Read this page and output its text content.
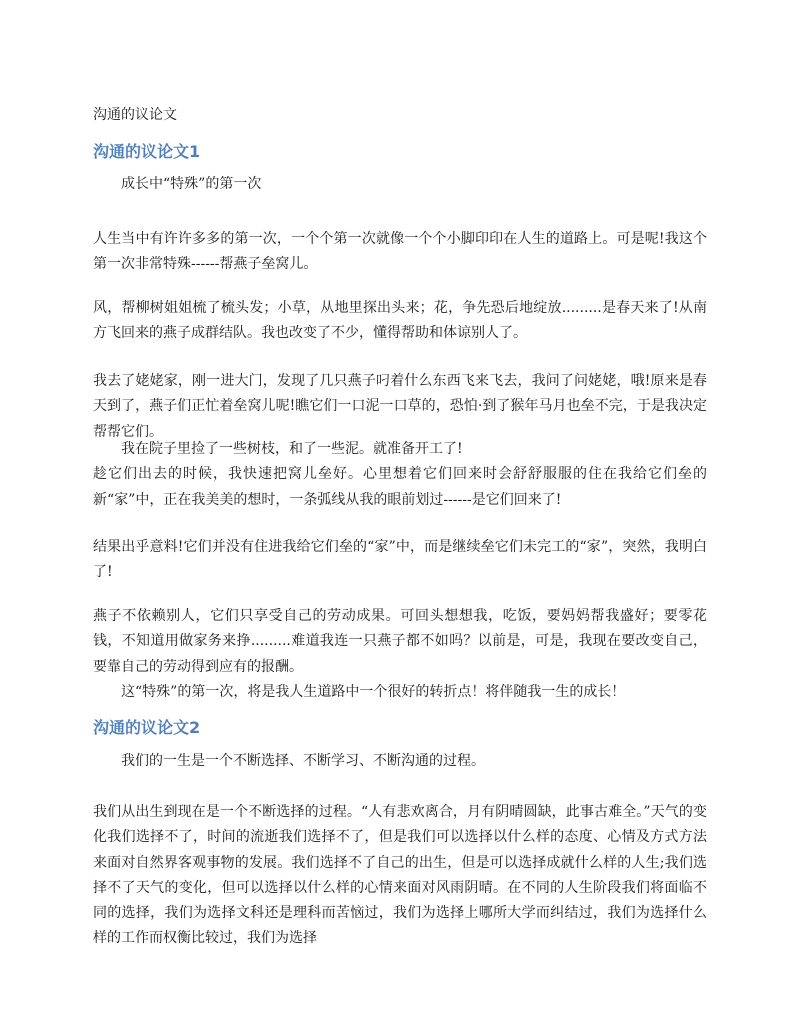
沟通的议论文
沟通的议论文1
成长中“特殊”的第一次
人生当中有许许多多的第一次，一个个第一次就像一个个小脚印印在人生的道路上。可是呢!我这个第一次非常特殊------帮燕子垒窝儿。
风，帮柳树姐姐梳了梳头发；小草，从地里探出头来；花，争先恐后地绽放.........是春天来了!从南方飞回来的燕子成群结队。我也改变了不少，懂得帮助和体谅别人了。
我去了姥姥家，刚一进大门，发现了几只燕子叼着什么东西飞来飞去，我问了问姥姥，哦!原来是春天到了，燕子们正忙着垒窝儿呢!瞧它们一口泥一口草的，恐怕·到了猴年马月也垒不完，于是我决定帮帮它们。
我在院子里捡了一些树枝，和了一些泥。就准备开工了!
趁它们出去的时候，我快速把窝儿垒好。心里想着它们回来时会舒舒服服的住在我给它们垒的新“家”中，正在我美美的想时，一条弧线从我的眼前划过------是它们回来了!
结果出乎意料!它们并没有住进我给它们垒的“家”中，而是继续垒它们未完工的“家”，突然，我明白了!
燕子不依赖别人，它们只享受自己的劳动成果。可回头想想我，吃饭，要妈妈帮我盛好；要零花钱，不知道用做家务来挣.........难道我连一只燕子都不如吗？以前是，可是，我现在要改变自己，要靠自己的劳动得到应有的报酬。
这“特殊”的第一次，将是我人生道路中一个很好的转折点！将伴随我一生的成长！
沟通的议论文2
我们的一生是一个不断选择、不断学习、不断沟通的过程。
我们从出生到现在是一个不断选择的过程。“人有悲欢离合，月有阴晴圆缺，此事古难全。”天气的变化我们选择不了，时间的流逝我们选择不了，但是我们可以选择以什么样的态度、心情及方式方法来面对自然界客观事物的发展。我们选择不了自己的出生，但是可以选择成就什么样的人生;我们选择不了天气的变化，但可以选择以什么样的心情来面对风雨阴晴。在不同的人生阶段我们将面临不同的选择，我们为选择文科还是理科而苦恼过，我们为选择上哪所大学而纠结过，我们为选择什么样的工作而权衡比较过，我们为选择
